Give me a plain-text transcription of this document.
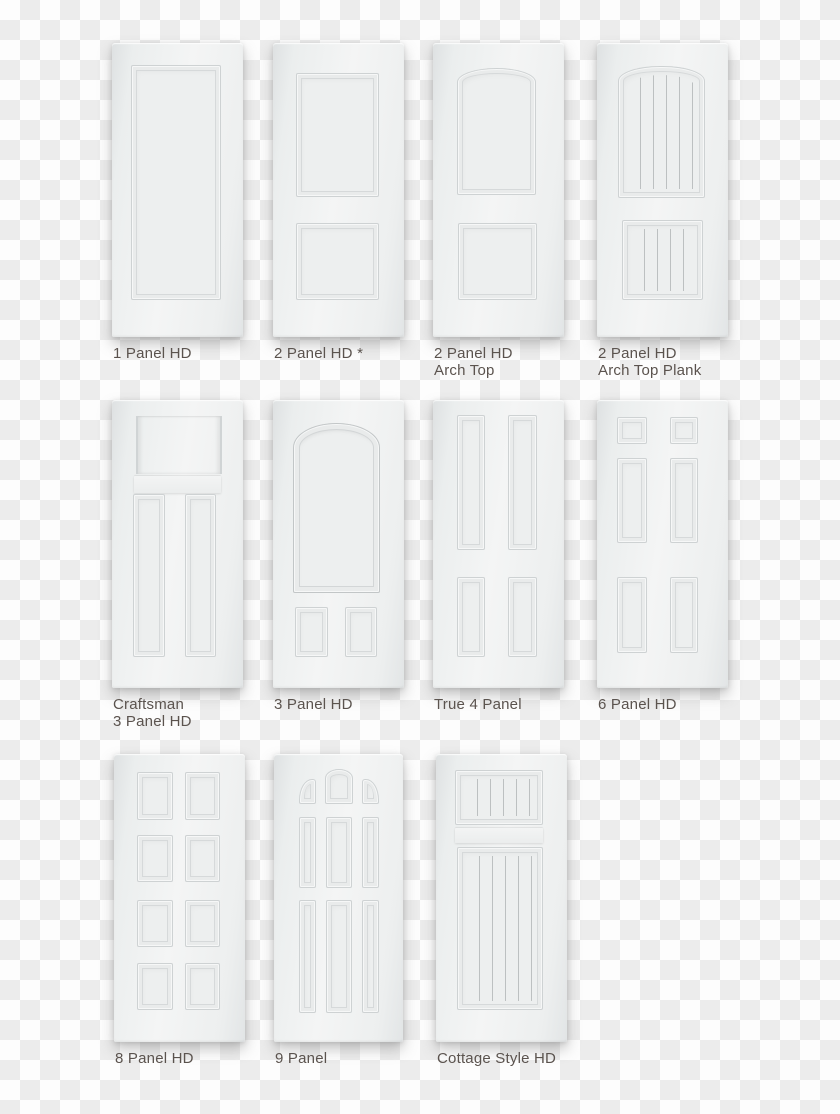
1 Panel HD	2 Panel HD *	2 Panel HD
Arch Top
2 Panel HD
Arch Top Plank
Craftsman
3 Panel HD
3 Panel HD	True 4 Panel	6 Panel HD
8 Panel HD	9 Panel	Cottage Style HD
